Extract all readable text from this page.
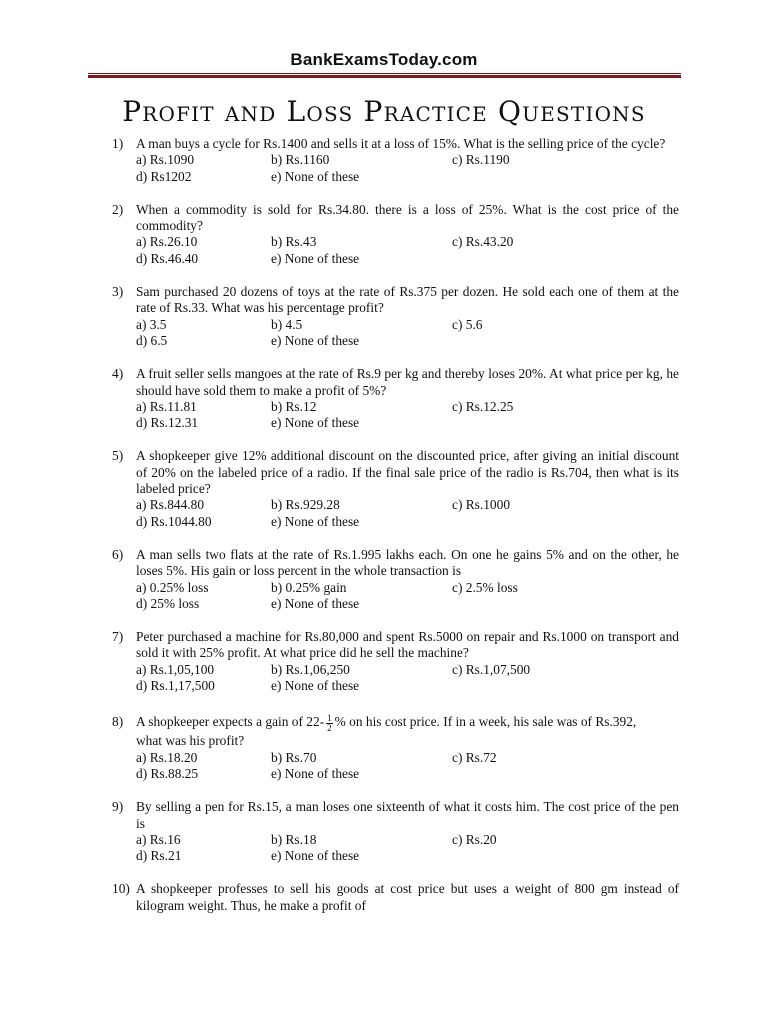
BankExamsToday.com
Profit and Loss Practice Questions
1) A man buys a cycle for Rs.1400 and sells it at a loss of 15%. What is the selling price of the cycle?
a) Rs.1090	b) Rs.1160	c) Rs.1190
d) Rs1202	e) None of these
2) When a commodity is sold for Rs.34.80. there is a loss of 25%. What is the cost price of the commodity?
a) Rs.26.10	b) Rs.43	c) Rs.43.20
d) Rs.46.40	e) None of these
3) Sam purchased 20 dozens of toys at the rate of Rs.375 per dozen. He sold each one of them at the rate of Rs.33. What was his percentage profit?
a) 3.5	b) 4.5	c) 5.6
d) 6.5	e) None of these
4) A fruit seller sells mangoes at the rate of Rs.9 per kg and thereby loses 20%. At what price per kg, he should have sold them to make a profit of 5%?
a) Rs.11.81	b) Rs.12	c) Rs.12.25
d) Rs.12.31	e) None of these
5) A shopkeeper give 12% additional discount on the discounted price, after giving an initial discount of 20% on the labeled price of a radio. If the final sale price of the radio is Rs.704, then what is its labeled price?
a) Rs.844.80	b) Rs.929.28	c) Rs.1000
d) Rs.1044.80	e) None of these
6) A man sells two flats at the rate of Rs.1.995 lakhs each. On one he gains 5% and on the other, he loses 5%. His gain or loss percent in the whole transaction is
a) 0.25% loss	b) 0.25% gain	c) 2.5% loss
d) 25% loss	e) None of these
7) Peter purchased a machine for Rs.80,000 and spent Rs.5000 on repair and Rs.1000 on transport and sold it with 25% profit. At what price did he sell the machine?
a) Rs.1,05,100	b) Rs.1,06,250	c) Rs.1,07,500
d) Rs.1,17,500	e) None of these
8) A shopkeeper expects a gain of $22- \frac{1}{2}$ % on his cost price. If in a week, his sale was of Rs.392,
what was his profit?
a) Rs.18.20	b) Rs.70	c) Rs.72
d) Rs.88.25	e) None of these
9) By selling a pen for Rs.15, a man loses one sixteenth of what it costs him. The cost price of the pen is
a) Rs.16	b) Rs.18	c) Rs.20
d) Rs.21	e) None of these
10) A shopkeeper professes to sell his goods at cost price but uses a weight of 800 gm instead of kilogram weight. Thus, he make a profit of
